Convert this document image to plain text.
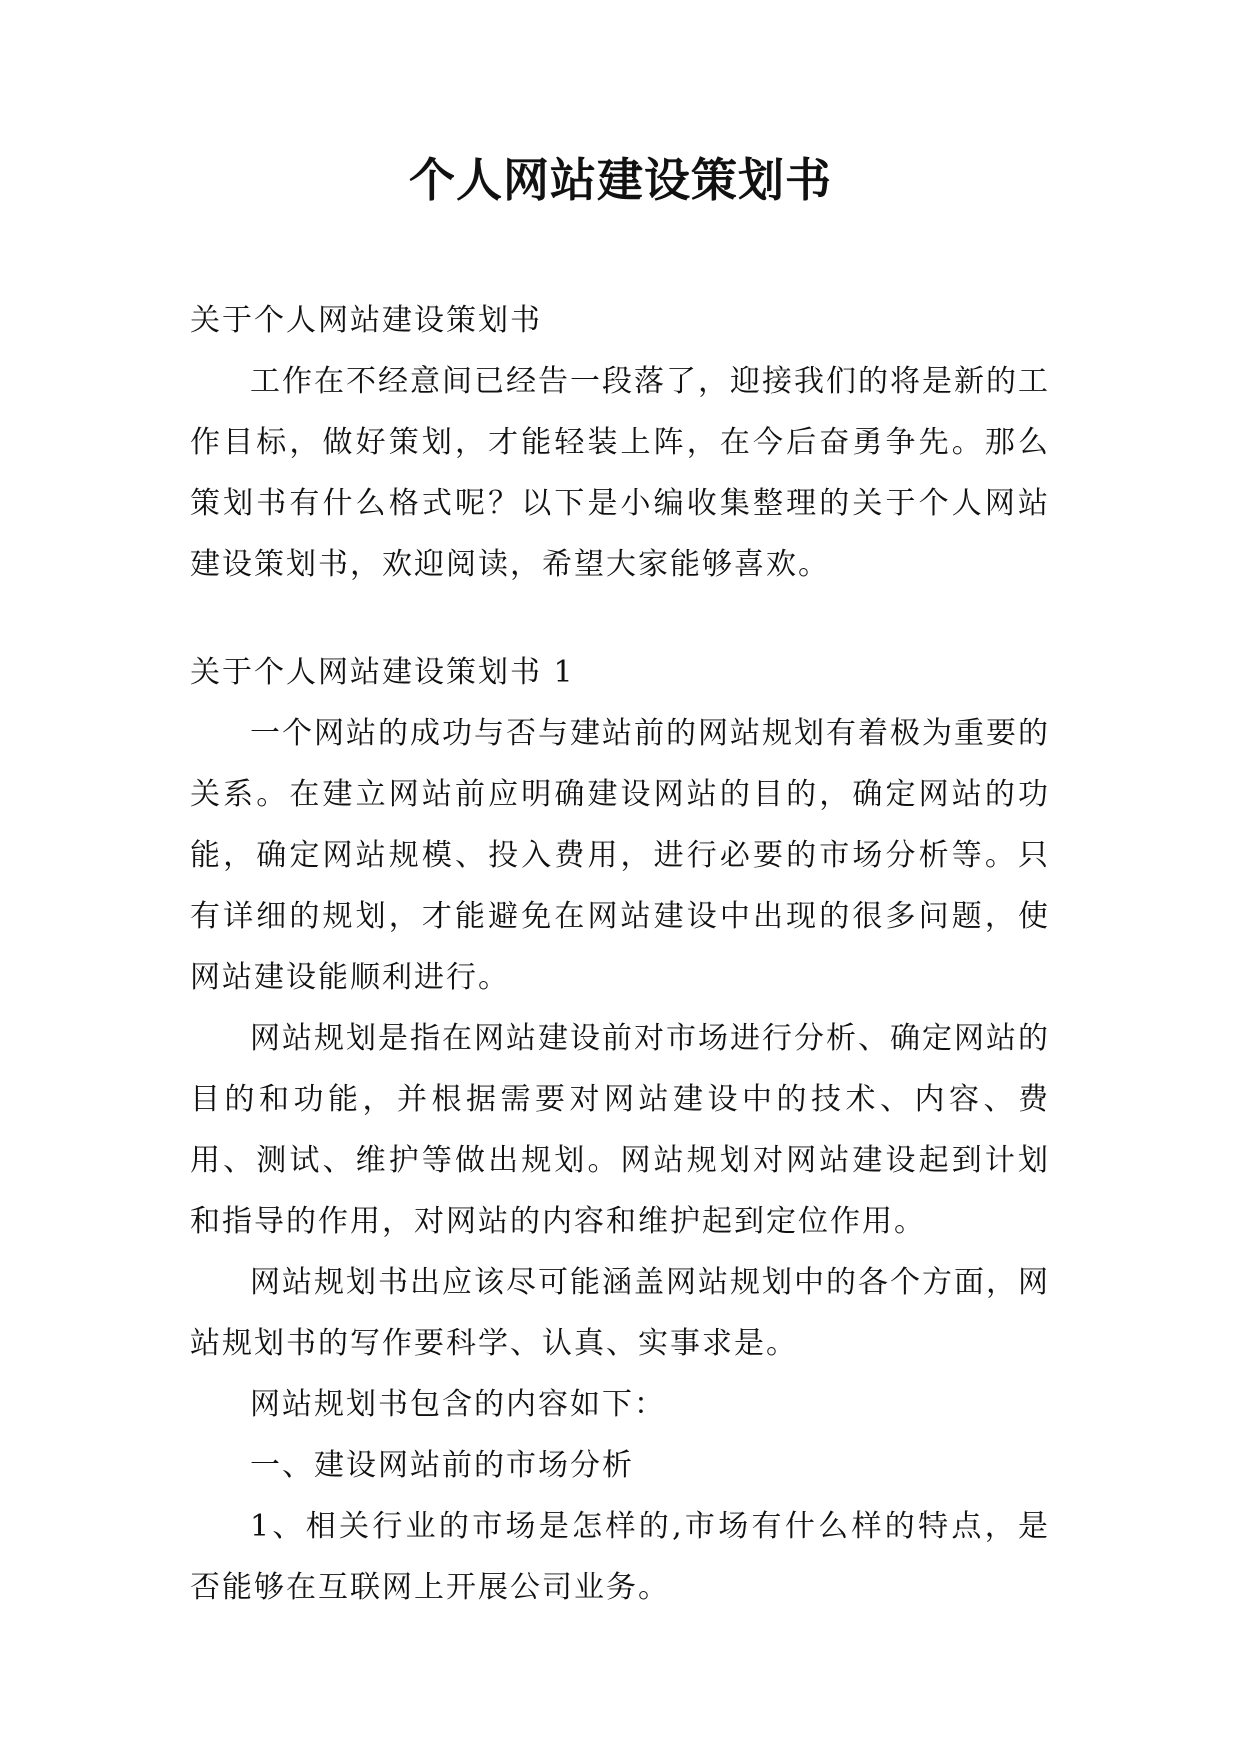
个人网站建设策划书

关于个人网站建设策划书

工作在不经意间已经告一段落了，迎接我们的将是新的工作目标，做好策划，才能轻装上阵，在今后奋勇争先。那么策划书有什么格式呢？以下是小编收集整理的关于个人网站建设策划书，欢迎阅读，希望大家能够喜欢。

关于个人网站建设策划书 1

一个网站的成功与否与建站前的网站规划有着极为重要的关系。在建立网站前应明确建设网站的目的，确定网站的功能，确定网站规模、投入费用，进行必要的市场分析等。只有详细的规划，才能避免在网站建设中出现的很多问题，使网站建设能顺利进行。

网站规划是指在网站建设前对市场进行分析、确定网站的目的和功能，并根据需要对网站建设中的技术、内容、费用、测试、维护等做出规划。网站规划对网站建设起到计划和指导的作用，对网站的内容和维护起到定位作用。

网站规划书出应该尽可能涵盖网站规划中的各个方面，网站规划书的写作要科学、认真、实事求是。

网站规划书包含的内容如下：

一、建设网站前的市场分析

1、相关行业的市场是怎样的,市场有什么样的特点，是否能够在互联网上开展公司业务。
